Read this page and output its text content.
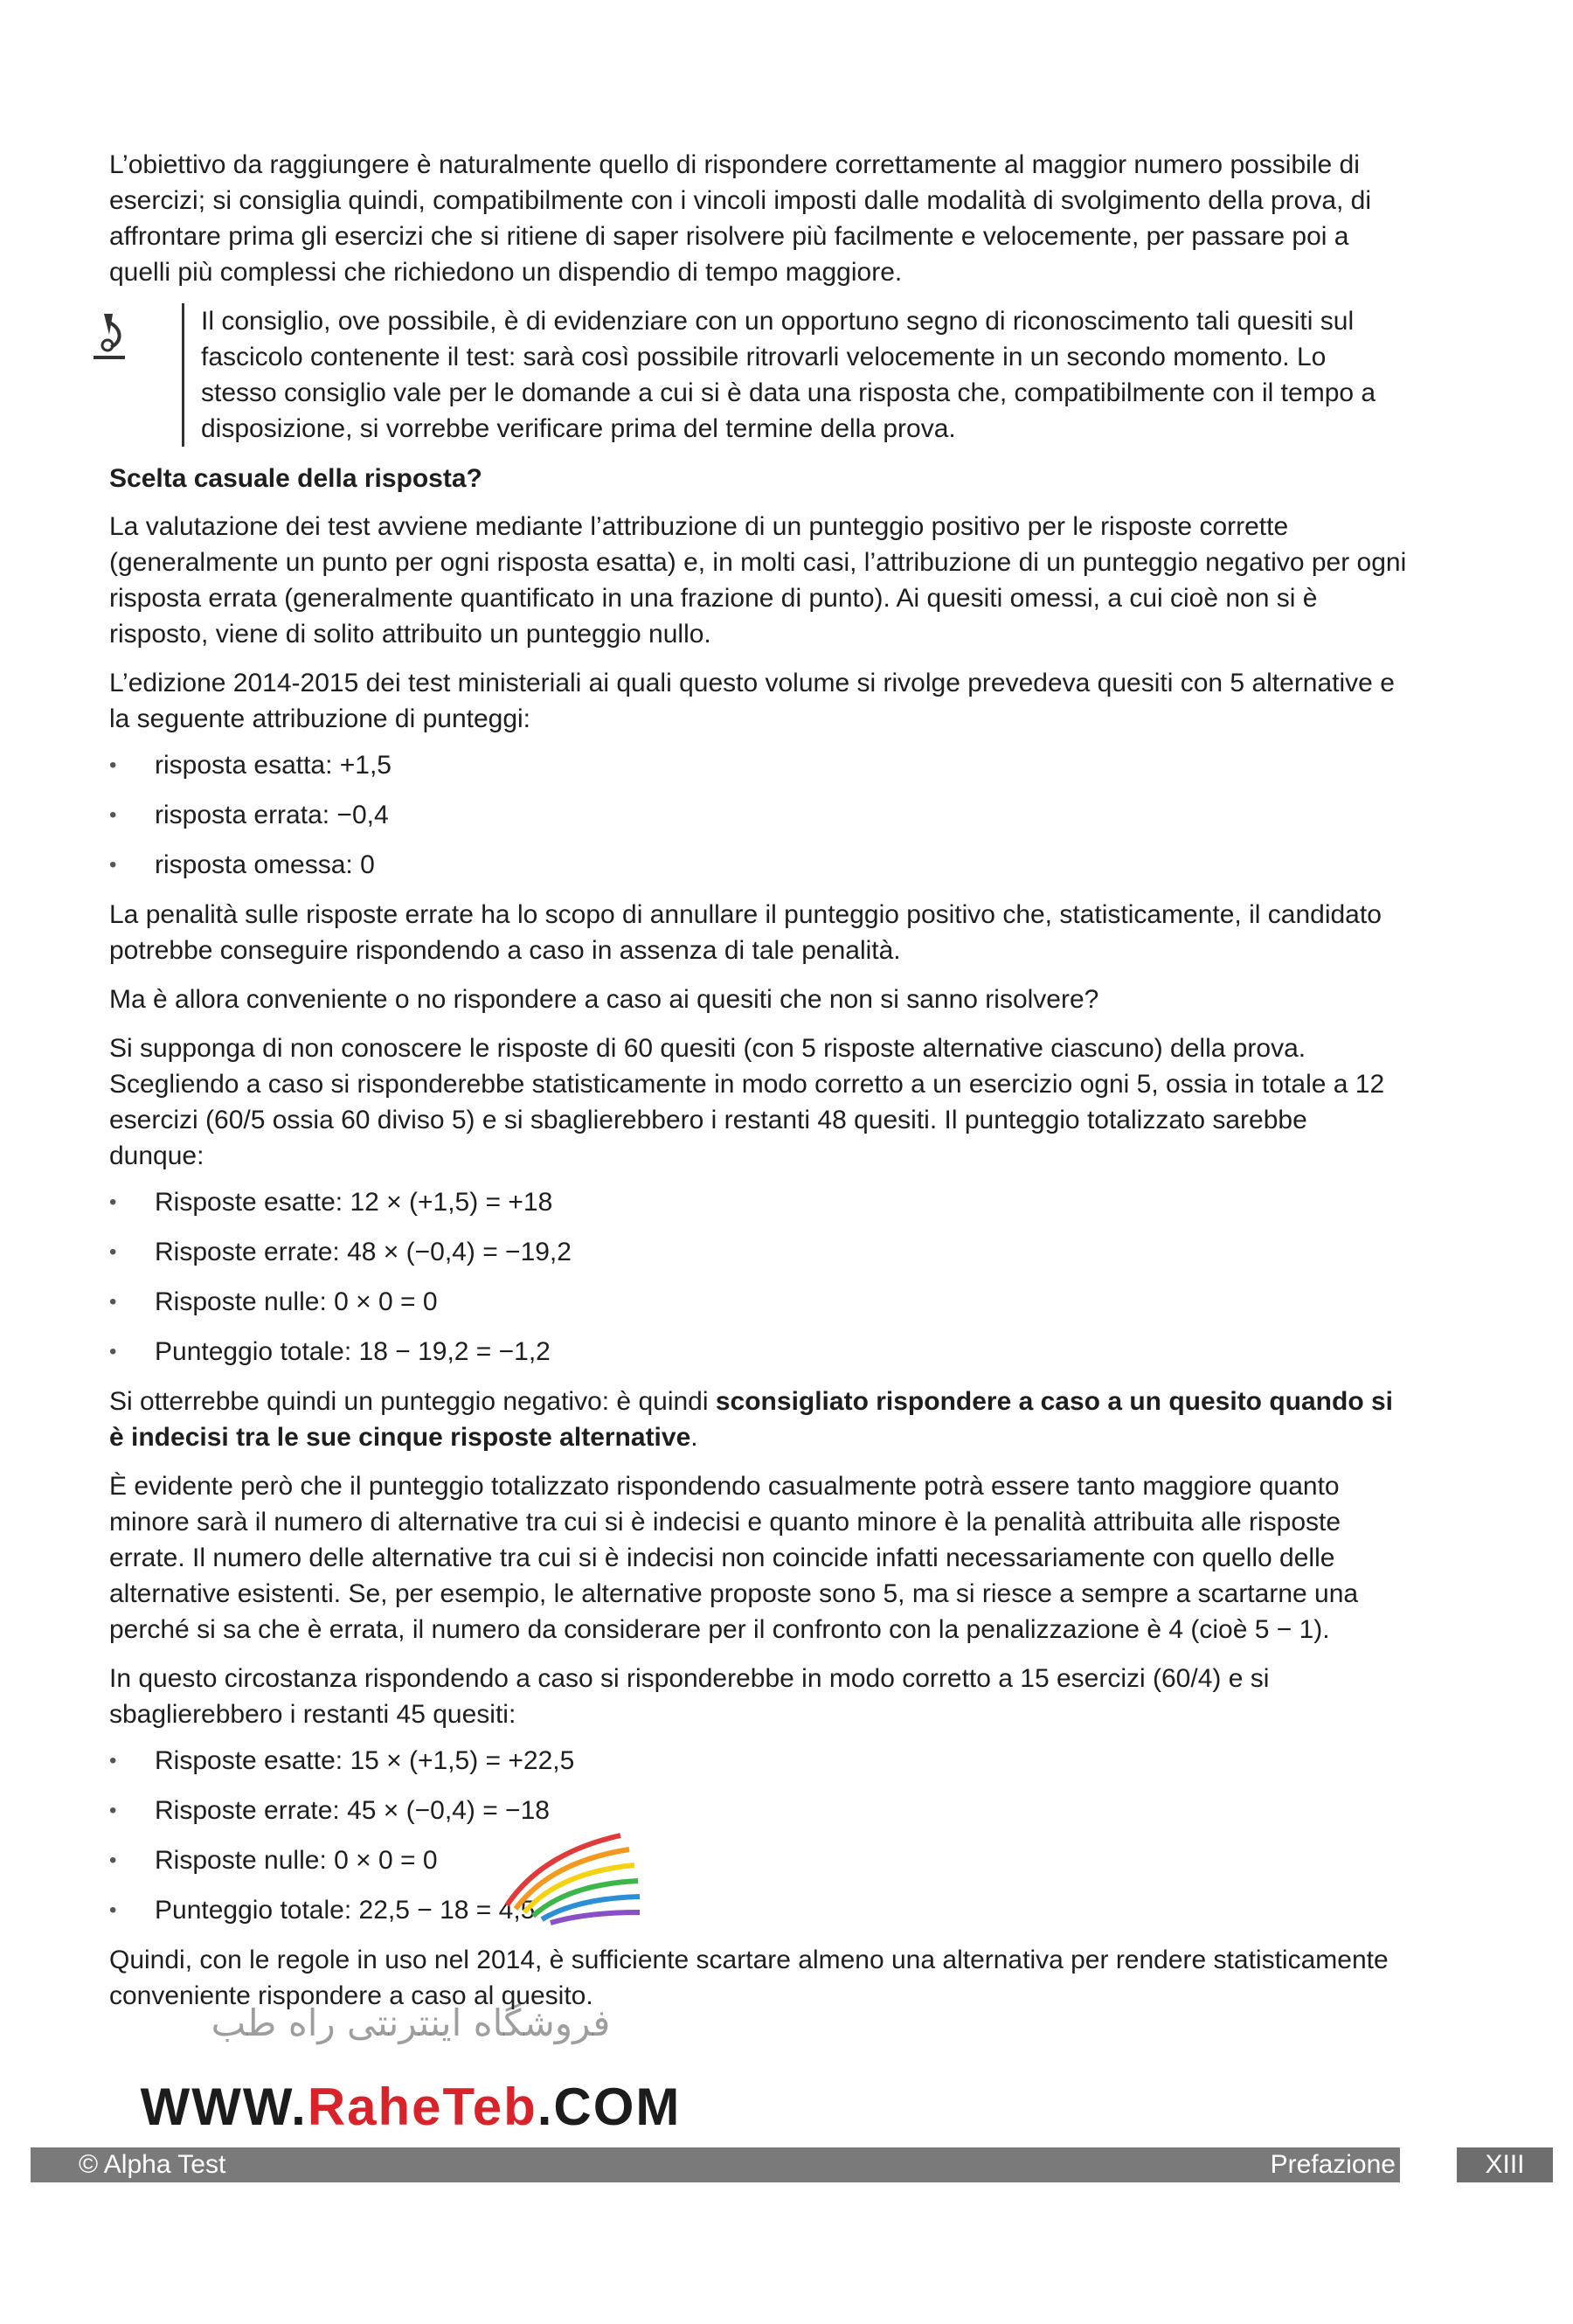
L’obiettivo da raggiungere è naturalmente quello di rispondere correttamente al maggior numero possibile di esercizi; si consiglia quindi, compatibilmente con i vincoli imposti dalle modalità di svolgimento della prova, di affrontare prima gli esercizi che si ritiene di saper risolvere più facilmente e velocemente, per passare poi a quelli più complessi che richiedono un dispendio di tempo maggiore.

Il consiglio, ove possibile, è di evidenziare con un opportuno segno di riconoscimento tali quesiti sul fascicolo contenente il test: sarà così possibile ritrovarli velocemente in un secondo momento. Lo stesso consiglio vale per le domande a cui si è data una risposta che, compatibilmente con il tempo a disposizione, si vorrebbe verificare prima del termine della prova.
Scelta casuale della risposta?

La valutazione dei test avviene mediante l’attribuzione di un punteggio positivo per le risposte corrette (generalmente un punto per ogni risposta esatta) e, in molti casi, l’attribuzione di un punteggio negativo per ogni risposta errata (generalmente quantificato in una frazione di punto). Ai quesiti omessi, a cui cioè non si è risposto, viene di solito attribuito un punteggio nullo.

L’edizione 2014-2015 dei test ministeriali ai quali questo volume si rivolge prevedeva quesiti con 5 alternative e la seguente attribuzione di punteggi:

• risposta esatta: +1,5
• risposta errata: −0,4
• risposta omessa: 0

La penalità sulle risposte errate ha lo scopo di annullare il punteggio positivo che, statisticamente, il candidato potrebbe conseguire rispondendo a caso in assenza di tale penalità.

Ma è allora conveniente o no rispondere a caso ai quesiti che non si sanno risolvere?

Si supponga di non conoscere le risposte di 60 quesiti (con 5 risposte alternative ciascuno) della prova. Scegliendo a caso si risponderebbe statisticamente in modo corretto a un esercizio ogni 5, ossia in totale a 12 esercizi (60/5 ossia 60 diviso 5) e si sbaglierebbero i restanti 48 quesiti. Il punteggio totalizzato sarebbe dunque:

• Risposte esatte: 12 × (+1,5) = +18
• Risposte errate: 48 × (−0,4) = −19,2
• Risposte nulle: 0 × 0 = 0
• Punteggio totale: 18 − 19,2 = −1,2

Si otterrebbe quindi un punteggio negativo: è quindi sconsigliato rispondere a caso a un quesito quando si è indecisi tra le sue cinque risposte alternative.

È evidente però che il punteggio totalizzato rispondendo casualmente potrà essere tanto maggiore quanto minore sarà il numero di alternative tra cui si è indecisi e quanto minore è la penalità attribuita alle risposte errate. Il numero delle alternative tra cui si è indecisi non coincide infatti necessariamente con quello delle alternative esistenti. Se, per esempio, le alternative proposte sono 5, ma si riesce a sempre a scartarne una perché si sa che è errata, il numero da considerare per il confronto con la penalizzazione è 4 (cioè 5 − 1).

In questo circostanza rispondendo a caso si risponderebbe in modo corretto a 15 esercizi (60/4) e si sbaglierebbero i restanti 45 quesiti:

• Risposte esatte: 15 × (+1,5) = +22,5
• Risposte errate: 45 × (−0,4) = −18
• Risposte nulle: 0 × 0 = 0
• Punteggio totale: 22,5 − 18 = 4,5

Quindi, con le regole in uso nel 2014, è sufficiente scartare almeno una alternativa per rendere statisticamente conveniente rispondere a caso al quesito.

© Alpha Test	Prefazione	XIII
فروشگاه اینترنتی راه طب
WWW.RaheTeb.COM
